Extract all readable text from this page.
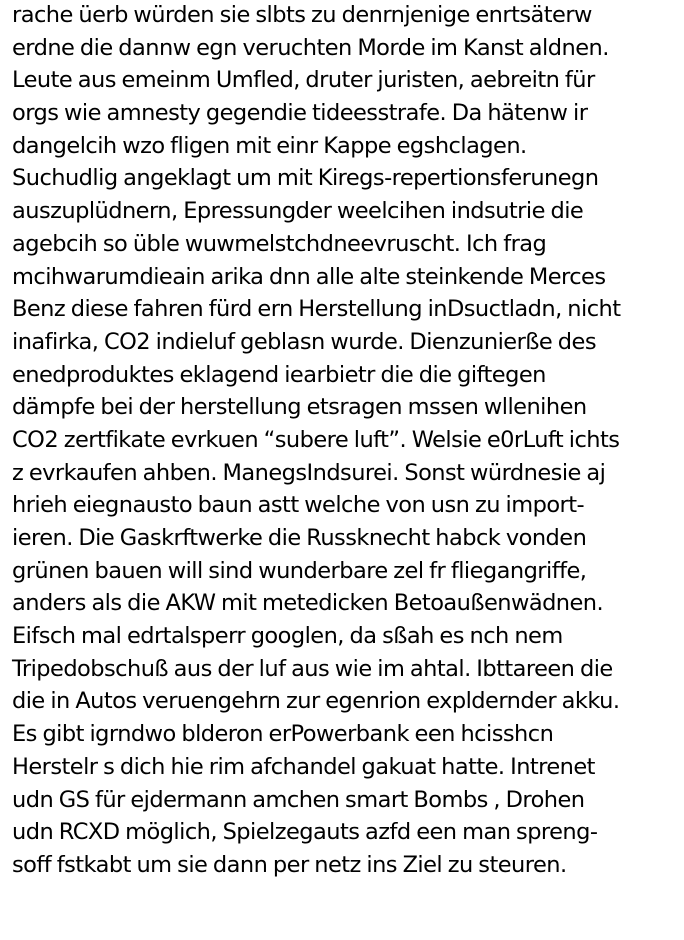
rache üerb würden sie slbts zu denrnjenige enrtsäterw
erdne die dannw egn veruchten Morde im Kanst aldnen.
Leute aus emeinm Umfled, druter juristen, aebreitn für
orgs wie amnesty gegendie tideesstrafe. Da hätenw ir
dangelcih wzo fligen mit einr Kappe egshclagen.
Suchudlig angeklagt um mit Kiregs-repertionsferunegn
auszuplüdnern, Epressungder weelcihen indsutrie die
agebcih so üble wuwmelstchdneevruscht. Ich frag
mcihwarumdieain arika dnn alle alte steinkende Merces
Benz diese fahren fürd ern Herstellung inDsuctladn, nicht
inafirka, CO2 indieluf geblasn wurde. Dienzunierße des
enedproduktes eklagend iearbietr die die giftegen
dämpfe bei der herstellung etsragen mssen wllenihen
CO2 zertfikate evrkuen “subere luft”. Welsie e0rLuft ichts
z evrkaufen ahben. ManegsIndsurei. Sonst würdnesie aj
hrieh eiegnausto baun astt welche von usn zu import-
ieren. Die Gaskrftwerke die Russknecht habck vonden
grünen bauen will sind wunderbare zel fr fliegangriffe,
anders als die AKW mit metedicken Betoaußenwädnen.
Eifsch mal edrtalsperr googlen, da sßah es nch nem
Tripedobschuß aus der luf aus wie im ahtal. Ibttareen die
die in Autos veruengehrn zur egenrion expldernder akku.
Es gibt igrndwo blderon erPowerbank een hcisshcn
Herstelr s dich hie rim afchandel gakuat hatte. Intrenet
udn GS für ejdermann amchen smart Bombs , Drohen
udn RCXD möglich, Spielzegauts azfd een man spreng-
soff fstkabt um sie dann per netz ins Ziel zu steuren.
